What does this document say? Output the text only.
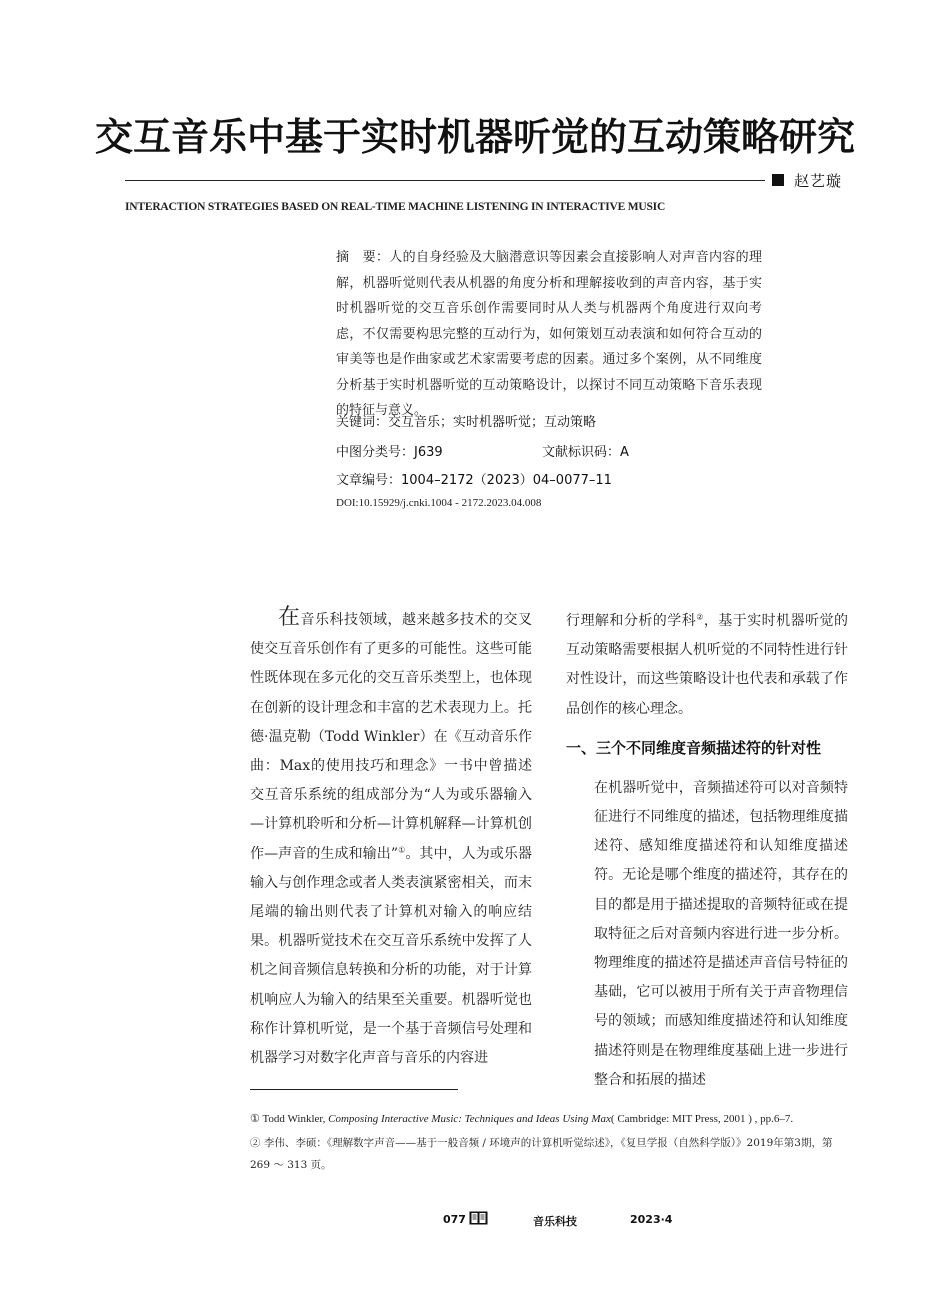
交互音乐中基于实时机器听觉的互动策略研究
赵艺璇
INTERACTION STRATEGIES BASED ON REAL-TIME MACHINE LISTENING IN INTERACTIVE MUSIC
摘　要：人的自身经验及大脑潜意识等因素会直接影响人对声音内容的理解，机器听觉则代表从机器的角度分析和理解接收到的声音内容，基于实时机器听觉的交互音乐创作需要同时从人类与机器两个角度进行双向考虑，不仅需要构思完整的互动行为，如何策划互动表演和如何符合互动的审美等也是作曲家或艺术家需要考虑的因素。通过多个案例，从不同维度分析基于实时机器听觉的互动策略设计，以探讨不同互动策略下音乐表现的特征与意义。
关键词：交互音乐；实时机器听觉；互动策略
中图分类号：J639	文献标识码：A
文章编号：1004–2172（2023）04–0077–11
DOI:10.15929/j.cnki.1004 - 2172.2023.04.008
在音乐科技领域，越来越多技术的交叉使交互音乐创作有了更多的可能性。这些可能性既体现在多元化的交互音乐类型上，也体现在创新的设计理念和丰富的艺术表现力上。托德·温克勒（Todd Winkler）在《互动音乐作曲：Max的使用技巧和理念》一书中曾描述交互音乐系统的组成部分为“人为或乐器输入—计算机聆听和分析—计算机解释—计算机创作—声音的生成和输出”①。其中，人为或乐器输入与创作理念或者人类表演紧密相关，而末尾端的输出则代表了计算机对输入的响应结果。机器听觉技术在交互音乐系统中发挥了人机之间音频信息转换和分析的功能，对于计算机响应人为输入的结果至关重要。机器听觉也称作计算机听觉，是一个基于音频信号处理和机器学习对数字化声音与音乐的内容进
行理解和分析的学科②，基于实时机器听觉的互动策略需要根据人机听觉的不同特性进行针对性设计，而这些策略设计也代表和承载了作品创作的核心理念。
一、三个不同维度音频描述符的针对性
在机器听觉中，音频描述符可以对音频特征进行不同维度的描述，包括物理维度描述符、感知维度描述符和认知维度描述符。无论是哪个维度的描述符，其存在的目的都是用于描述提取的音频特征或在提取特征之后对音频内容进行进一步分析。物理维度的描述符是描述声音信号特征的基础，它可以被用于所有关于声音物理信号的领域；而感知维度描述符和认知维度描述符则是在物理维度基础上进一步进行整合和拓展的描述
① Todd Winkler, Composing Interactive Music: Techniques and Ideas Using Max( Cambridge: MIT Press, 2001 ) , pp.6–7.
② 李伟、李硕：《理解数字声音——基于一般音频 / 环境声的计算机听觉综述》，《复旦学报（自然科学版）》2019年第3期，第 269 ～ 313 页。
077	音乐科技	2023·4
